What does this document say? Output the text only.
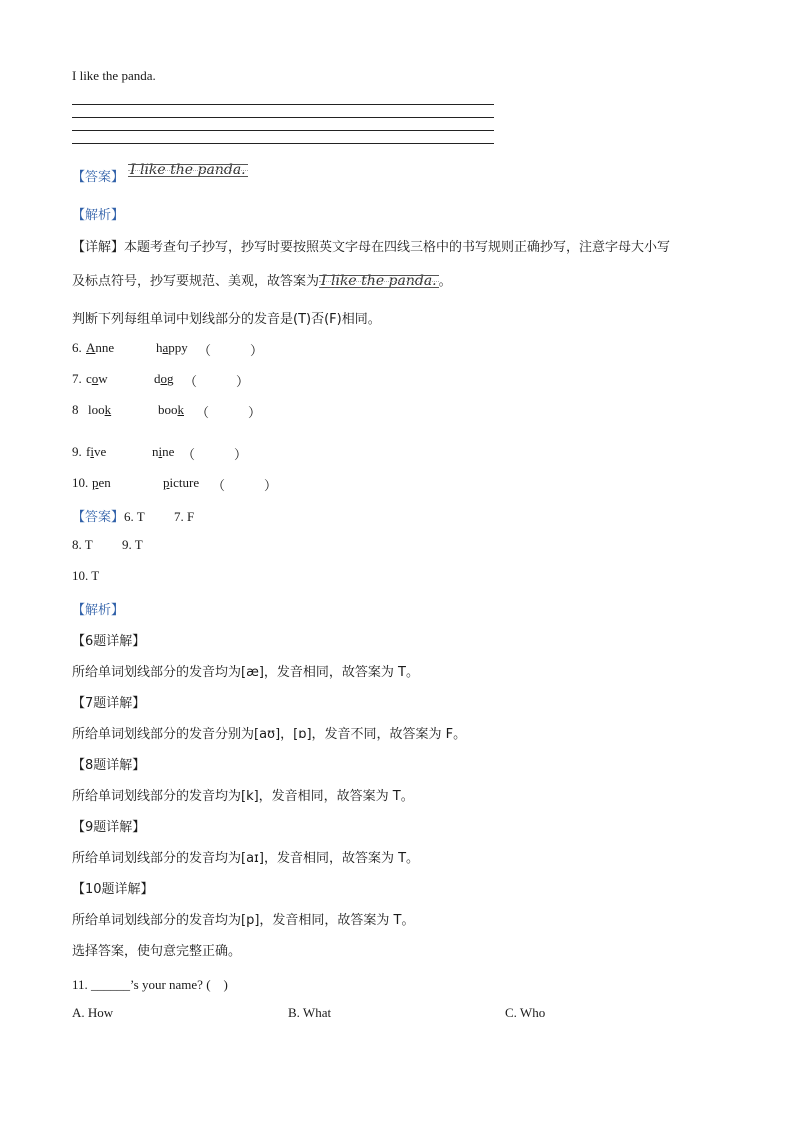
I like the panda.
【答案】 I like the panda.
【解析】
【详解】本题考查句子抄写，抄写时要按照英文字母在四线三格中的书写规则正确抄写，注意字母大小写
及标点符号，抄写要规范、美观，故答案为 I like the panda. 。
判断下列每组单词中划线部分的发音是(T)否(F)相同。
6. Anne	happy （　　　）
7. cow	dog （　　　）
8 look	book （　　　）
9. five	nine （　　　）
10. pen	picture （　　　）
【答案】6. T 7. F
8. T 9. T
10. T
【解析】
【6题详解】
所给单词划线部分的发音均为[æ]，发音相同，故答案为 T。
【7题详解】
所给单词划线部分的发音分别为[aʊ]，[ɒ]，发音不同，故答案为 F。
【8题详解】
所给单词划线部分的发音均为[k]，发音相同，故答案为 T。
【9题详解】
所给单词划线部分的发音均为[aɪ]，发音相同，故答案为 T。
【10题详解】
所给单词划线部分的发音均为[p]，发音相同，故答案为 T。
选择答案，使句意完整正确。
11. ______’s your name? (　)
A. How	B. What	C. Who
